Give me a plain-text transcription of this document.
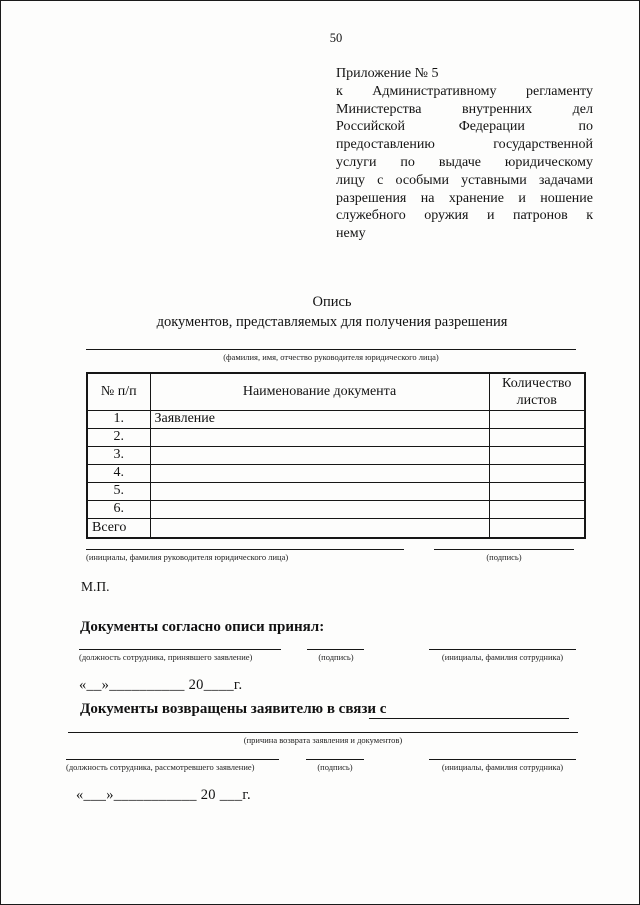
50
Приложение № 5
к Административному регламенту
Министерства внутренних дел
Российской Федерации по
предоставлению государственной
услуги по выдаче юридическому
лицу с особыми уставными задачами
разрешения на хранение и ношение
служебного оружия и патронов к
нему
Опись
документов, представляемых для получения разрешения
(фамилия, имя, отчество руководителя юридического лица)
№ п/п	Наименование документа	Количество листов
1.	Заявление	
2.		
3.		
4.		
5.		
6.		
Всего		
(инициалы, фамилия руководителя юридического лица)	(подпись)
М.П.
Документы согласно описи принял:
(должность сотрудника, принявшего заявление)	(подпись)	(инициалы, фамилия сотрудника)
«__»__________ 20____г.
Документы возвращены заявителю в связи с
(причина возврата заявления и документов)
(должность сотрудника, рассмотревшего заявление)	(подпись)	(инициалы, фамилия сотрудника)
«___»___________ 20 ___г.
